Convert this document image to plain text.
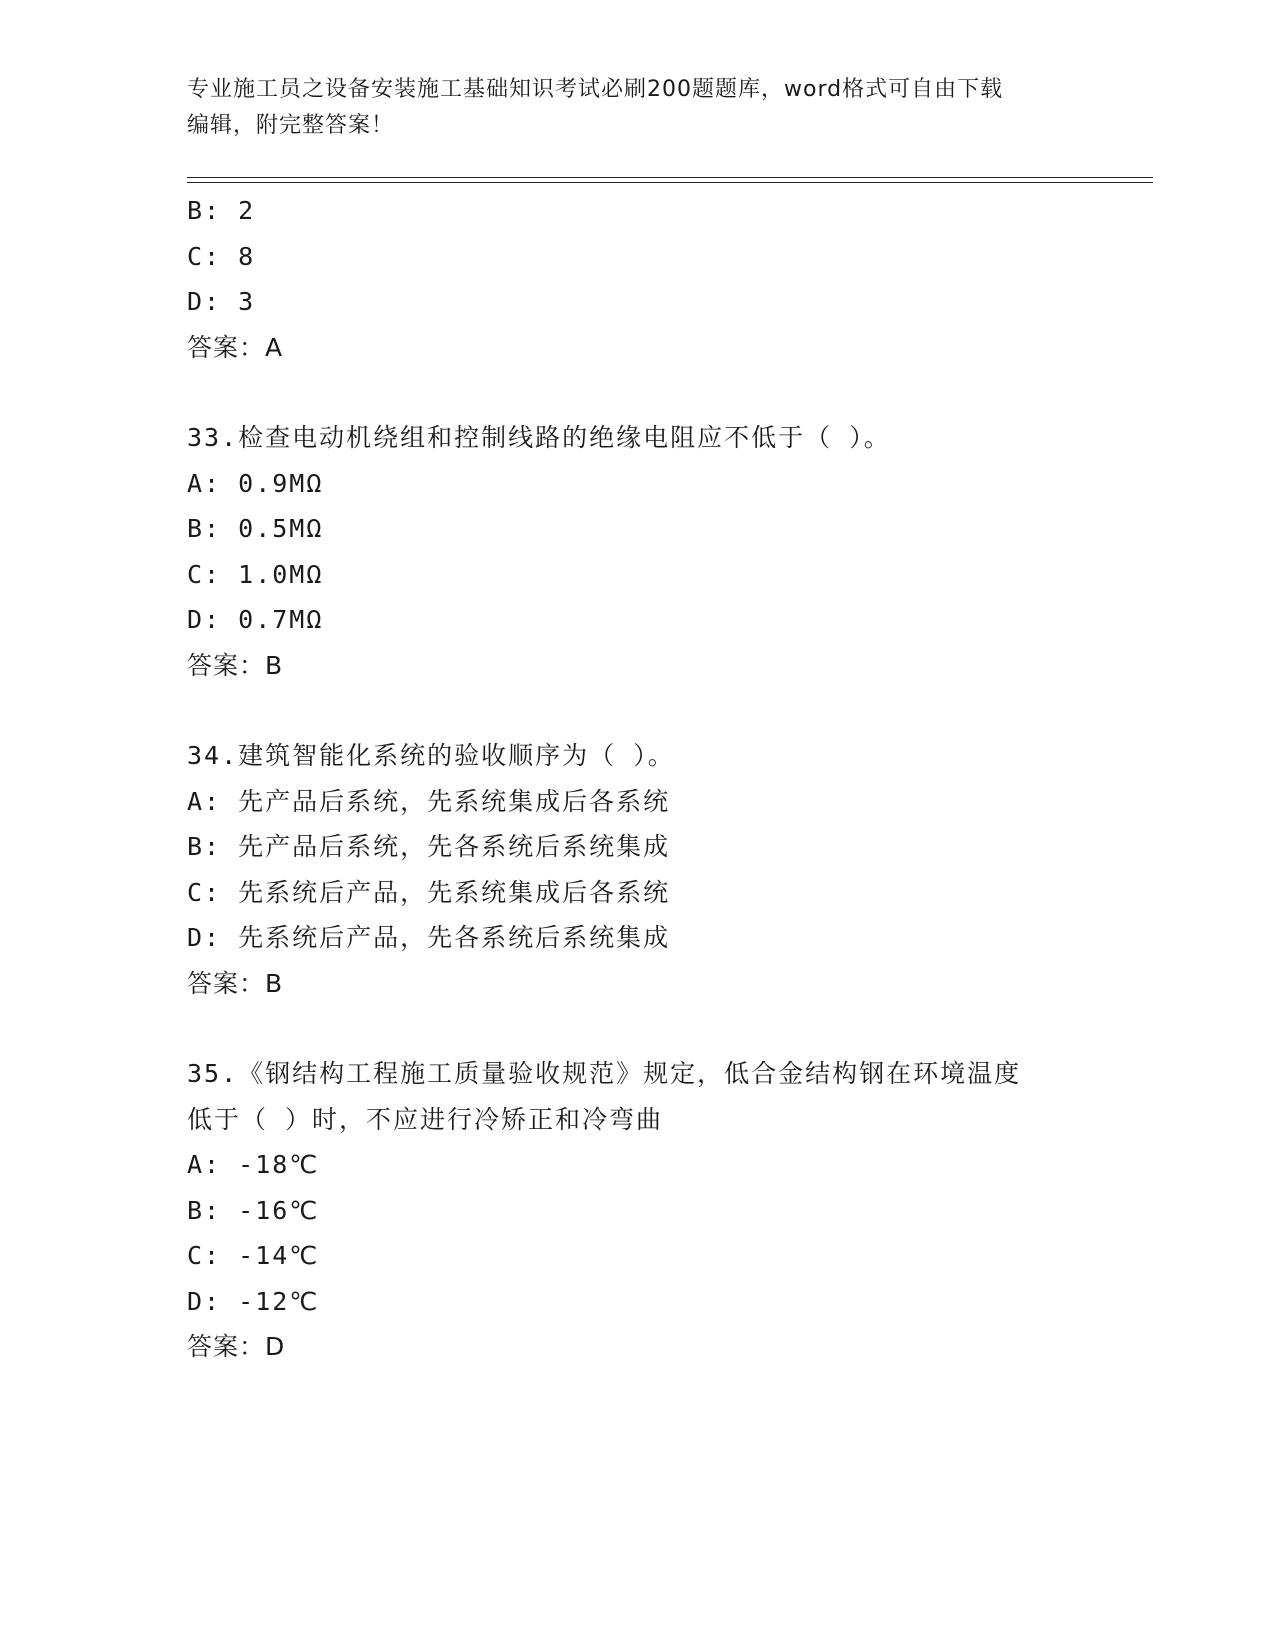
专业施工员之设备安装施工基础知识考试必刷200题题库，word格式可自由下载
编辑，附完整答案！
B: 2
C: 8
D: 3
答案：A
33.检查电动机绕组和控制线路的绝缘电阻应不低于（ ）。
A: 0.9MΩ
B: 0.5MΩ
C: 1.0MΩ
D: 0.7MΩ
答案：B
34.建筑智能化系统的验收顺序为（ ）。
A: 先产品后系统，先系统集成后各系统
B: 先产品后系统，先各系统后系统集成
C: 先系统后产品，先系统集成后各系统
D: 先系统后产品，先各系统后系统集成
答案：B
35.《钢结构工程施工质量验收规范》规定，低合金结构钢在环境温度
低于（ ）时，不应进行冷矫正和冷弯曲
A: -18℃
B: -16℃
C: -14℃
D: -12℃
答案：D
